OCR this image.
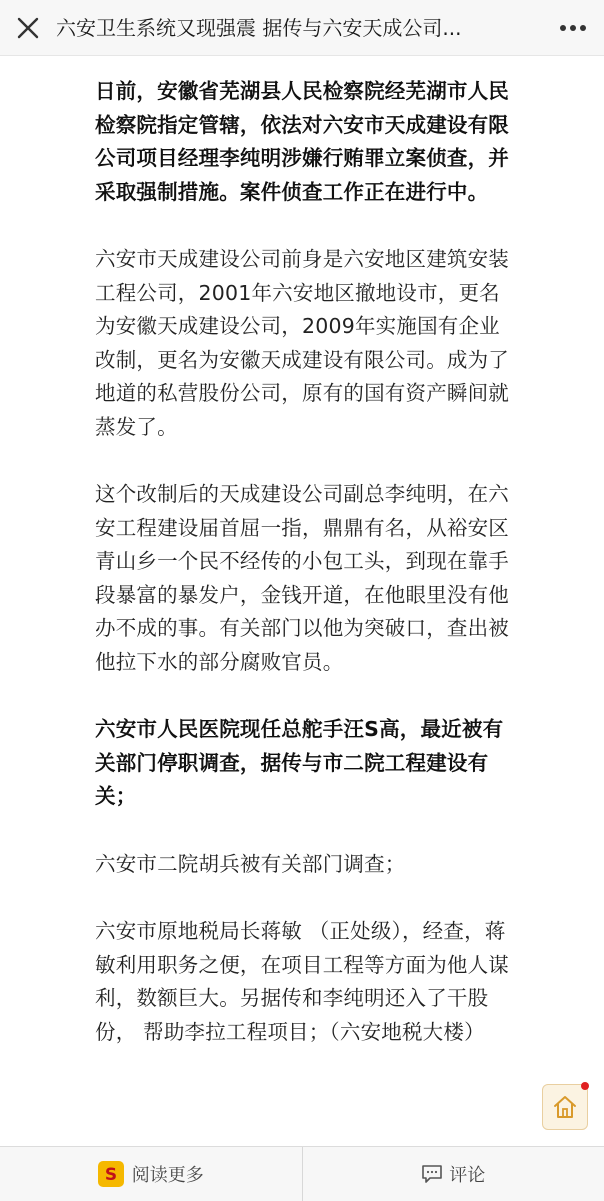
六安卫生系统又现强震 据传与六安天成公司...

日前，安徽省芜湖县人民检察院经芜湖市人民检察院指定管辖，依法对六安市天成建设有限公司项目经理李纯明涉嫌行贿罪立案侦查，并采取强制措施。案件侦查工作正在进行中。

六安市天成建设公司前身是六安地区建筑安装工程公司，2001年六安地区撤地设市，更名为安徽天成建设公司，2009年实施国有企业改制，更名为安徽天成建设有限公司。成为了地道的私营股份公司，原有的国有资产瞬间就蒸发了。

这个改制后的天成建设公司副总李纯明，在六安工程建设届首屈一指，鼎鼎有名，从裕安区青山乡一个民不经传的小包工头，到现在靠手段暴富的暴发户，金钱开道，在他眼里没有他办不成的事。有关部门以他为突破口，查出被他拉下水的部分腐败官员。

六安市人民医院现任总舵手汪S高，最近被有关部门停职调查，据传与市二院工程建设有关；

六安市二院胡兵被有关部门调查；

六安市原地税局长蒋敏 （正处级），经查，蒋敏利用职务之便，在项目工程等方面为他人谋利，数额巨大。另据传和李纯明还入了干股份， 帮助李拉工程项目；（六安地税大楼）

S 阅读更多	评论
